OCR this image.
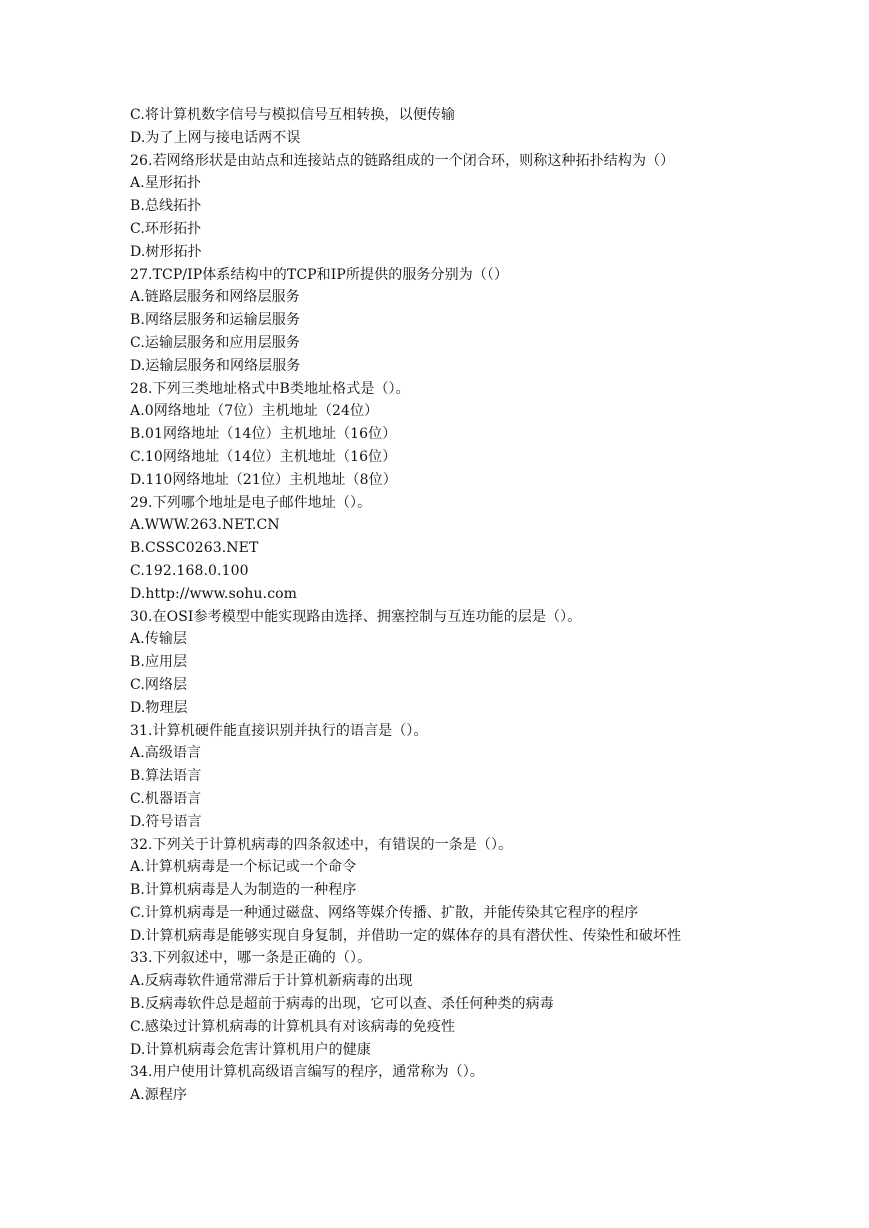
C.将计算机数字信号与模拟信号互相转换，以便传输
D.为了上网与接电话两不误
26.若网络形状是由站点和连接站点的链路组成的一个闭合环，则称这种拓扑结构为（）
A.星形拓扑
B.总线拓扑
C.环形拓扑
D.树形拓扑
27.TCP/IP体系结构中的TCP和IP所提供的服务分别为（（）
A.链路层服务和网络层服务
B.网络层服务和运输层服务
C.运输层服务和应用层服务
D.运输层服务和网络层服务
28.下列三类地址格式中B类地址格式是（）。
A.0网络地址（7位）主机地址（24位）
B.01网络地址（14位）主机地址（16位）
C.10网络地址（14位）主机地址（16位）
D.110网络地址（21位）主机地址（8位）
29.下列哪个地址是电子邮件地址（）。
A.WWW.263.NET.CN
B.CSSC0263.NET
C.192.168.0.100
D.http://www.sohu.com
30.在OSI参考模型中能实现路由选择、拥塞控制与互连功能的层是（）。
A.传输层
B.应用层
C.网络层
D.物理层
31.计算机硬件能直接识别并执行的语言是（）。
A.高级语言
B.算法语言
C.机器语言
D.符号语言
32.下列关于计算机病毒的四条叙述中，有错误的一条是（）。
A.计算机病毒是一个标记或一个命令
B.计算机病毒是人为制造的一种程序
C.计算机病毒是一种通过磁盘、网络等媒介传播、扩散，并能传染其它程序的程序
D.计算机病毒是能够实现自身复制，并借助一定的媒体存的具有潜伏性、传染性和破坏性
33.下列叙述中，哪一条是正确的（）。
A.反病毒软件通常滞后于计算机新病毒的出现
B.反病毒软件总是超前于病毒的出现，它可以查、杀任何种类的病毒
C.感染过计算机病毒的计算机具有对该病毒的免疫性
D.计算机病毒会危害计算机用户的健康
34.用户使用计算机高级语言编写的程序，通常称为（）。
A.源程序
